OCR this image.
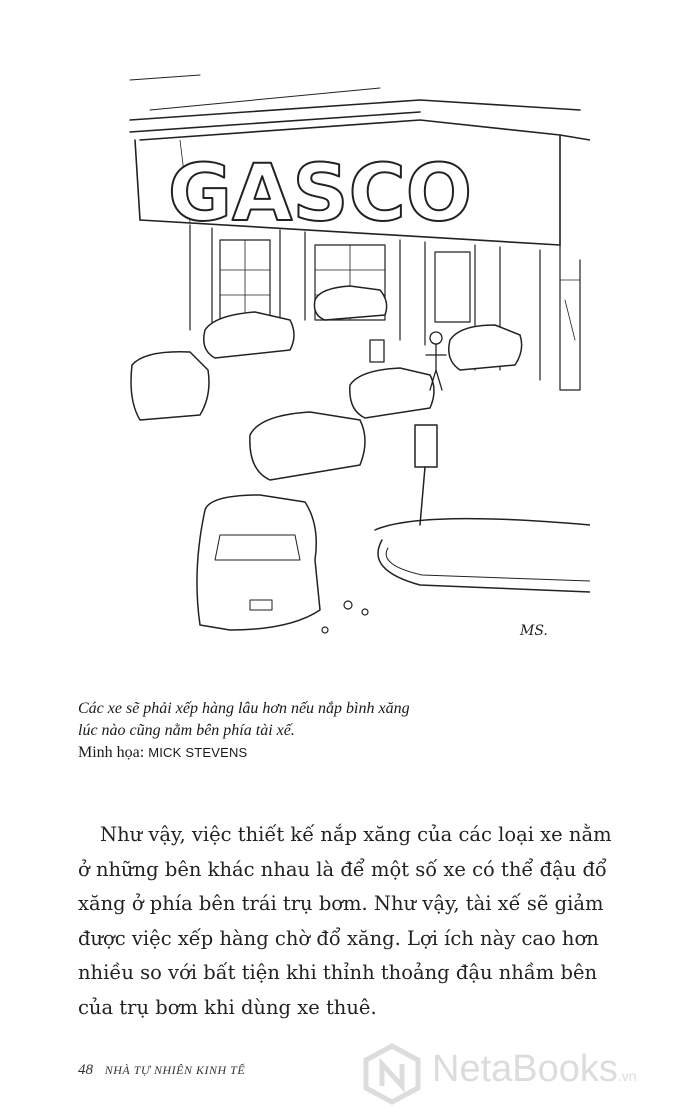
GASCO
MS.
Các xe sẽ phải xếp hàng lâu hơn nếu nắp bình xăng
lúc nào cũng nằm bên phía tài xế.
Minh họa: MICK STEVENS
Như vậy, việc thiết kế nắp xăng của các loại xe nằm
ở những bên khác nhau là để một số xe có thể đậu đổ
xăng ở phía bên trái trụ bơm. Như vậy, tài xế sẽ giảm
được việc xếp hàng chờ đổ xăng. Lợi ích này cao hơn
nhiều so với bất tiện khi thỉnh thoảng đậu nhầm bên
của trụ bơm khi dùng xe thuê.
48 NHÀ TỰ NHIÊN KINH TẾ	NetaBooks.vn
